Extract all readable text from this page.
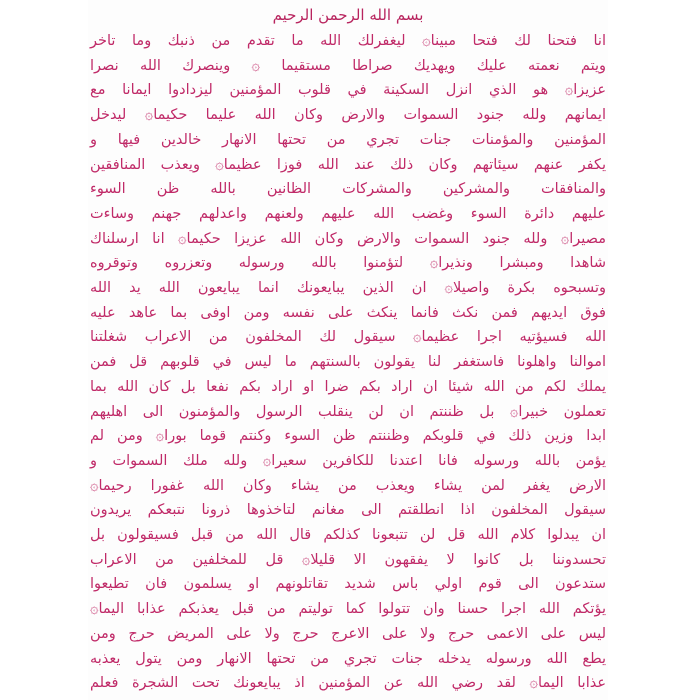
بسم الله الرحمن الرحيم
انا فتحنا لك فتحا مبينا۞ ليغفرلك الله ما تقدم من ذنبك وما تاخر
ويتم نعمته عليك ويهديك صراطا مستقيما ۞ وينصرك الله نصرا
عزيزا۞ هو الذي انزل السكينة في قلوب المؤمنين ليزدادوا ايمانا مع
ايمانهم ولله جنود السموات والارض وكان الله عليما حكيما۞ ليدخل
المؤمنين والمؤمنات جنات تجري من تحتها الانهار خالدين فيها و
يكفر عنهم سيئاتهم وكان ذلك عند الله فوزا عظيما۞ ويعذب المنافقين
والمنافقات والمشركين والمشركات الظانين بالله ظن السوء
عليهم دائرة السوء وغضب الله عليهم ولعنهم واعدلهم جهنم وساءت
مصيرا۞ ولله جنود السموات والارض وكان الله عزيزا حكيما۞ انا ارسلناك
شاهدا ومبشرا ونذيرا۞ لتؤمنوا بالله ورسوله وتعزروه وتوقروه
وتسبحوه بكرة واصيلا۞ ان الذين يبايعونك انما يبايعون الله يد الله
فوق ايديهم فمن نكث فانما ينكث على نفسه ومن اوفى بما عاهد عليه
الله فسيؤتيه اجرا عظيما۞ سيقول لك المخلفون من الاعراب شغلتنا
اموالنا واهلونا فاستغفر لنا يقولون بالسنتهم ما ليس في قلوبهم قل فمن
يملك لكم من الله شيئا ان اراد بكم ضرا او اراد بكم نفعا بل كان الله بما
تعملون خبيرا۞ بل ظننتم ان لن ينقلب الرسول والمؤمنون الى اهليهم
ابدا وزين ذلك في قلوبكم وظننتم ظن السوء وكنتم قوما بورا۞ ومن لم
يؤمن بالله ورسوله فانا اعتدنا للكافرين سعيرا۞ ولله ملك السموات و
الارض يغفر لمن يشاء ويعذب من يشاء وكان الله غفورا رحيما۞
سيقول المخلفون اذا انطلقتم الى مغانم لتاخذوها ذرونا نتبعكم يريدون
ان يبدلوا كلام الله قل لن تتبعونا كذلكم قال الله من قبل فسيقولون بل
تحسدوننا بل كانوا لا يفقهون الا قليلا۞ قل للمخلفين من الاعراب
ستدعون الى قوم اولي باس شديد تقاتلونهم او يسلمون فان تطيعوا
يؤتكم الله اجرا حسنا وان تتولوا كما توليتم من قبل يعذبكم عذابا اليما۞
ليس على الاعمى حرج ولا على الاعرج حرج ولا على المريض حرج ومن
يطع الله ورسوله يدخله جنات تجري من تحتها الانهار ومن يتول يعذبه
عذابا اليما۞ لقد رضي الله عن المؤمنين اذ يبايعونك تحت الشجرة فعلم
